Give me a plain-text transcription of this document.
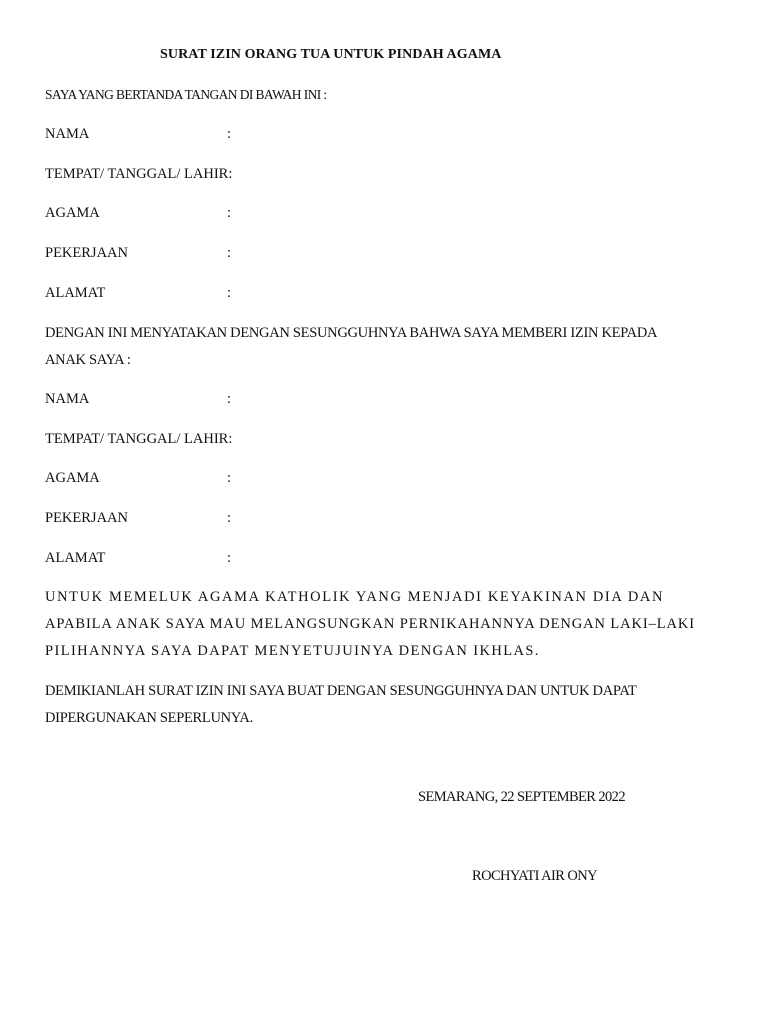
SURAT IZIN ORANG TUA UNTUK PINDAH AGAMA
SAYA YANG BERTANDA TANGAN DI BAWAH INI :
NAMA	:
TEMPAT/ TANGGAL/ LAHIR:
AGAMA	:
PEKERJAAN	:
ALAMAT	:
DENGAN INI MENYATAKAN DENGAN SESUNGGUHNYA BAHWA SAYA MEMBERI IZIN KEPADA
ANAK SAYA :
NAMA	:
TEMPAT/ TANGGAL/ LAHIR:
AGAMA	:
PEKERJAAN	:
ALAMAT	:
UNTUK MEMELUK AGAMA KATHOLIK YANG MENJADI KEYAKINAN DIA DAN
APABILA ANAK SAYA MAU MELANGSUNGKAN PERNIKAHANNYA DENGAN LAKI–LAKI
PILIHANNYA SAYA DAPAT MENYETUJUINYA DENGAN IKHLAS.
DEMIKIANLAH SURAT IZIN INI SAYA BUAT DENGAN SESUNGGUHNYA DAN UNTUK DAPAT
DIPERGUNAKAN SEPERLUNYA.
SEMARANG, 22 SEPTEMBER 2022
ROCHYATI AIR ONY
